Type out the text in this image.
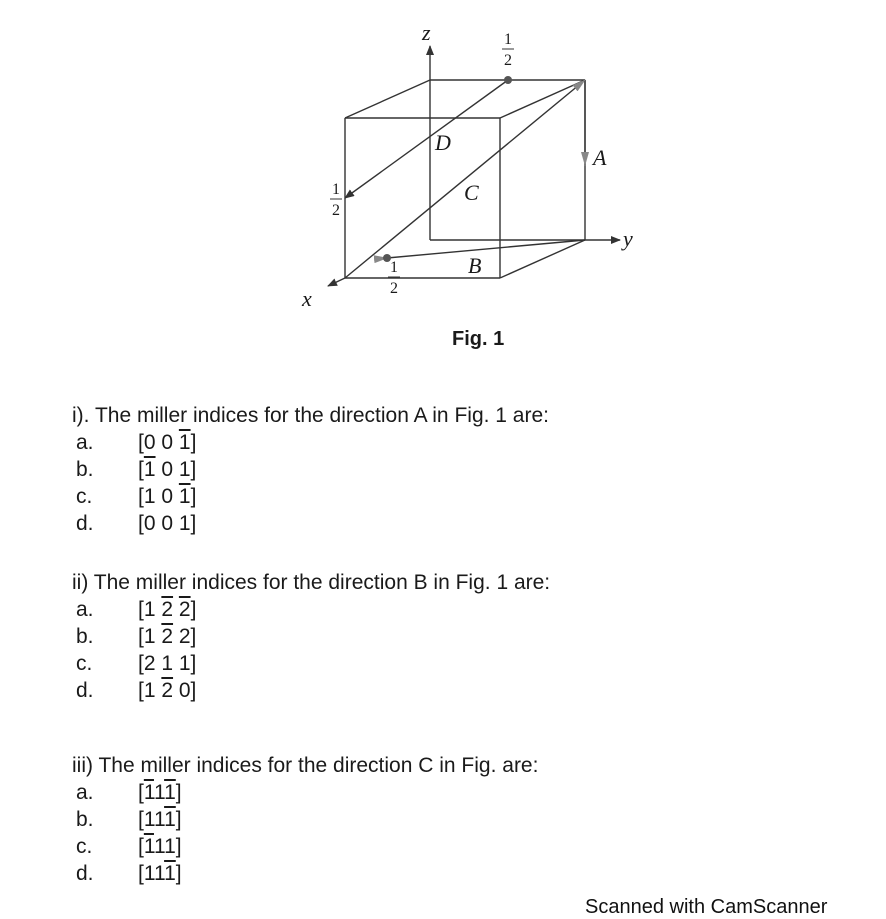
z
y
x
A
B
C
D
1
2
1
2
1
2
Fig. 1
i). The miller indices for the direction A in Fig. 1 are:
a. [0 0 1]
b. [1 0 1]
c. [1 0 1]
d. [0 0 1]
ii) The miller indices for the direction B in Fig. 1 are:
a. [1 2 2]
b. [1 2 2]
c. [2 1 1]
d. [1 2 0]
iii) The miller indices for the direction C in Fig. are:
a. [111]
b. [111]
c. [111]
d. [111]
Scanned with CamScanner
